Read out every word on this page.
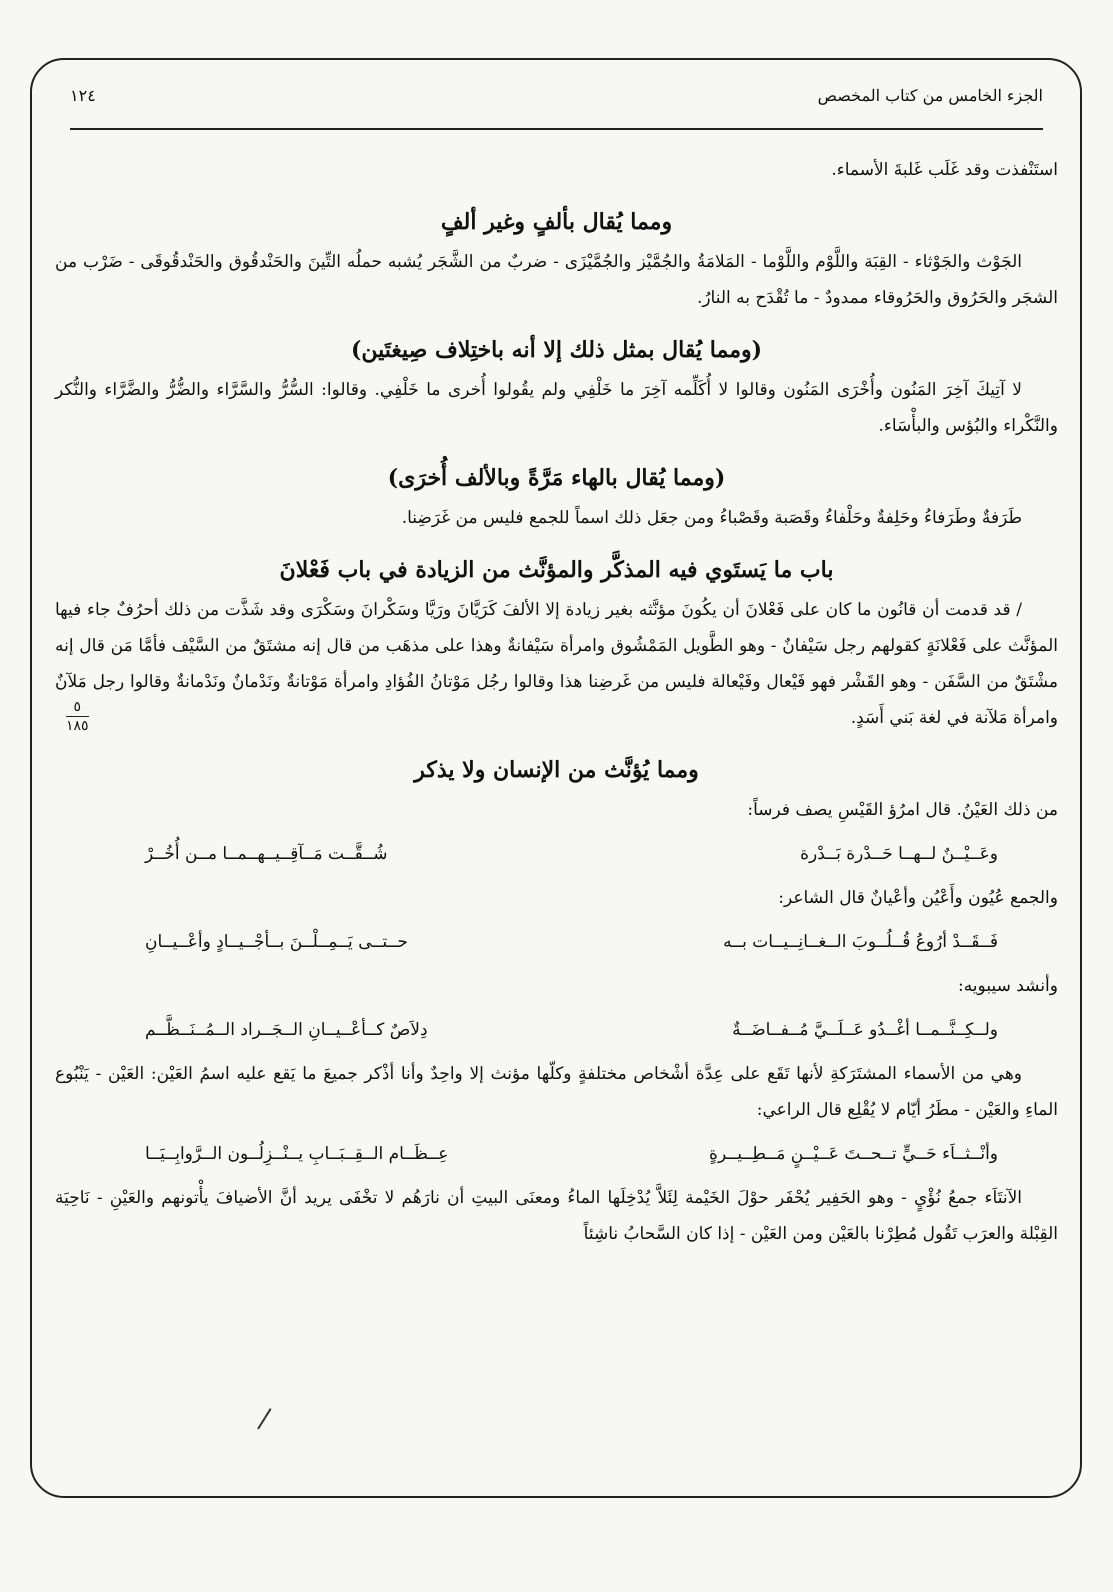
الجزء الخامس من كتاب المخصص
١٢٤
٥
١٨٥

استَنْفذت وقد غَلَب غَلبةَ الأسماء.

ومما يُقال بألفٍ وغير ألفٍ

الجَوْث والجَوْثاء - القِبَة واللَّوْم واللَّوْما - المَلامَةُ والجُمَّيْز والجُمَّيْزَى - ضربٌ من الشَّجَر يُشبه حملُه التِّينَ والحَنْدقُوق والحَنْدقُوقَى - ضَرْب من الشجَر والحَرُوق والحَرُوقاء ممدودٌ - ما تُقْدَح به النارُ.

(ومما يُقال بمثل ذلك إلا أنه باختِلاف صِيغتَين)

لا آتِيكَ آخِرَ المَنُون وأُخْرَى المَنُون وقالوا لا أُكَلِّمه آخِرَ ما خَلْفِي ولم يقُولوا أُخرى ما خَلْفِي. وقالوا: السُّرُّ والسَّرَّاء والضُّرُّ والضَّرَّاء والنُّكر والنَّكْراء والبُؤس والبأْسَاء.

(ومما يُقال بالهاء مَرَّةً وبالألف أُخرَى)

طَرَفةٌ وطَرَفاءُ وحَلِفةٌ وحَلْفاءُ وقَصَبة وقَصْباءُ ومن جعَل ذلك اسماً للجمع فليس من غَرَضِنا.

باب ما يَستَوي فيه المذكَّر والمؤنَّث من الزيادة في باب فَعْلانَ

/ قد قدمت أن قانُون ما كان على فَعْلانَ أن يكُونَ مؤنَّثه بغير زيادة إلا الألفَ كَرَيَّانَ ورَيَّا وسَكْرانَ وسَكْرَى وقد شَذَّت من ذلك أحرُفٌ جاء فيها المؤنَّث على فَعْلانَةٍ كقولهم رجل سَيْفانٌ - وهو الطَّويل المَمْشُوق وامرأة سَيْفانةٌ وهذا على مذهَب من قال إنه مشتَقٌ من السَّيْف فأمَّا مَن قال إنه مشْتَقٌ من السَّفَن - وهو القَشْر فهو فَيْعال وفَيْعالة فليس من غَرضِنا هذا وقالوا رجُل مَوْتانُ الفُؤادِ وامرأة مَوْتانةٌ ونَدْمانٌ ونَدْمانةٌ وقالوا رجل مَلآنٌ وامرأة مَلآنة في لغة بَني أَسَدٍ.

ومما يُؤنَّث من الإنسان ولا يذكر

من ذلك العَيْنُ. قال امرُؤ القَيْسِ يصف فرساً:

وعَــيْــنٌ لــهــا حَــدْرة بَــدْرة
شُــقَّــت مَــآقِــيــهــمــا مــن أُخُــرْ

والجمع عُيُون وأَعْيُن وأعْيانٌ قال الشاعر:

فَــقَــدْ أرُوعُ قُــلُــوبَ الــغــانِــيــات بــه
حــتــى يَــمِــلْــنَ بــأجْــيــادٍ وأعْــيــانِ

وأنشد سيبويه:

ولــكِــنَّــمــا أغْــدُو عَــلَــيَّ مُــفــاضَــةٌ
دِلاَصٌ كــأعْــيــانِ الــجَــراد الــمُــنَــظَّــم

وهي من الأسماء المشتَرَكةِ لأنها تَقَع على عِدَّة أشْخاص مختلفةٍ وكلّها مؤنث إلا واحِدٌ وأنا أذْكر جميعَ ما يَقع عليه اسمُ العَيْن: العَيْن - يَنْبُوع الماءِ والعَيْن - مطَرُ أيّام لا يُقْلِع قال الراعي:

وأنْــثــاَء حَــيٍّ تــحــتَ عَــيْــنٍ مَــطِــيــرةٍ
عِــظَــام الــقِــبَــابِ يــنْــزِلُــون الــرَّوابِــيَــا

الآنتَاَء جمعُ نُؤْيٍ - وهو الحَفِير يُحْفَر حوْلَ الخَيْمة لِئَلاَّ يُدْخِلَها الماءُ ومعنَى البيتِ أن نارَهُم لا تخْفَى يريد أنَّ الأضيافَ يأْتونهم والعَيْنِ - نَاحِيَة القِبْلة والعرَب تَقُول مُطِرْنا بالعَيْن ومن العَيْن - إذا كان السَّحابُ ناشِئاً
